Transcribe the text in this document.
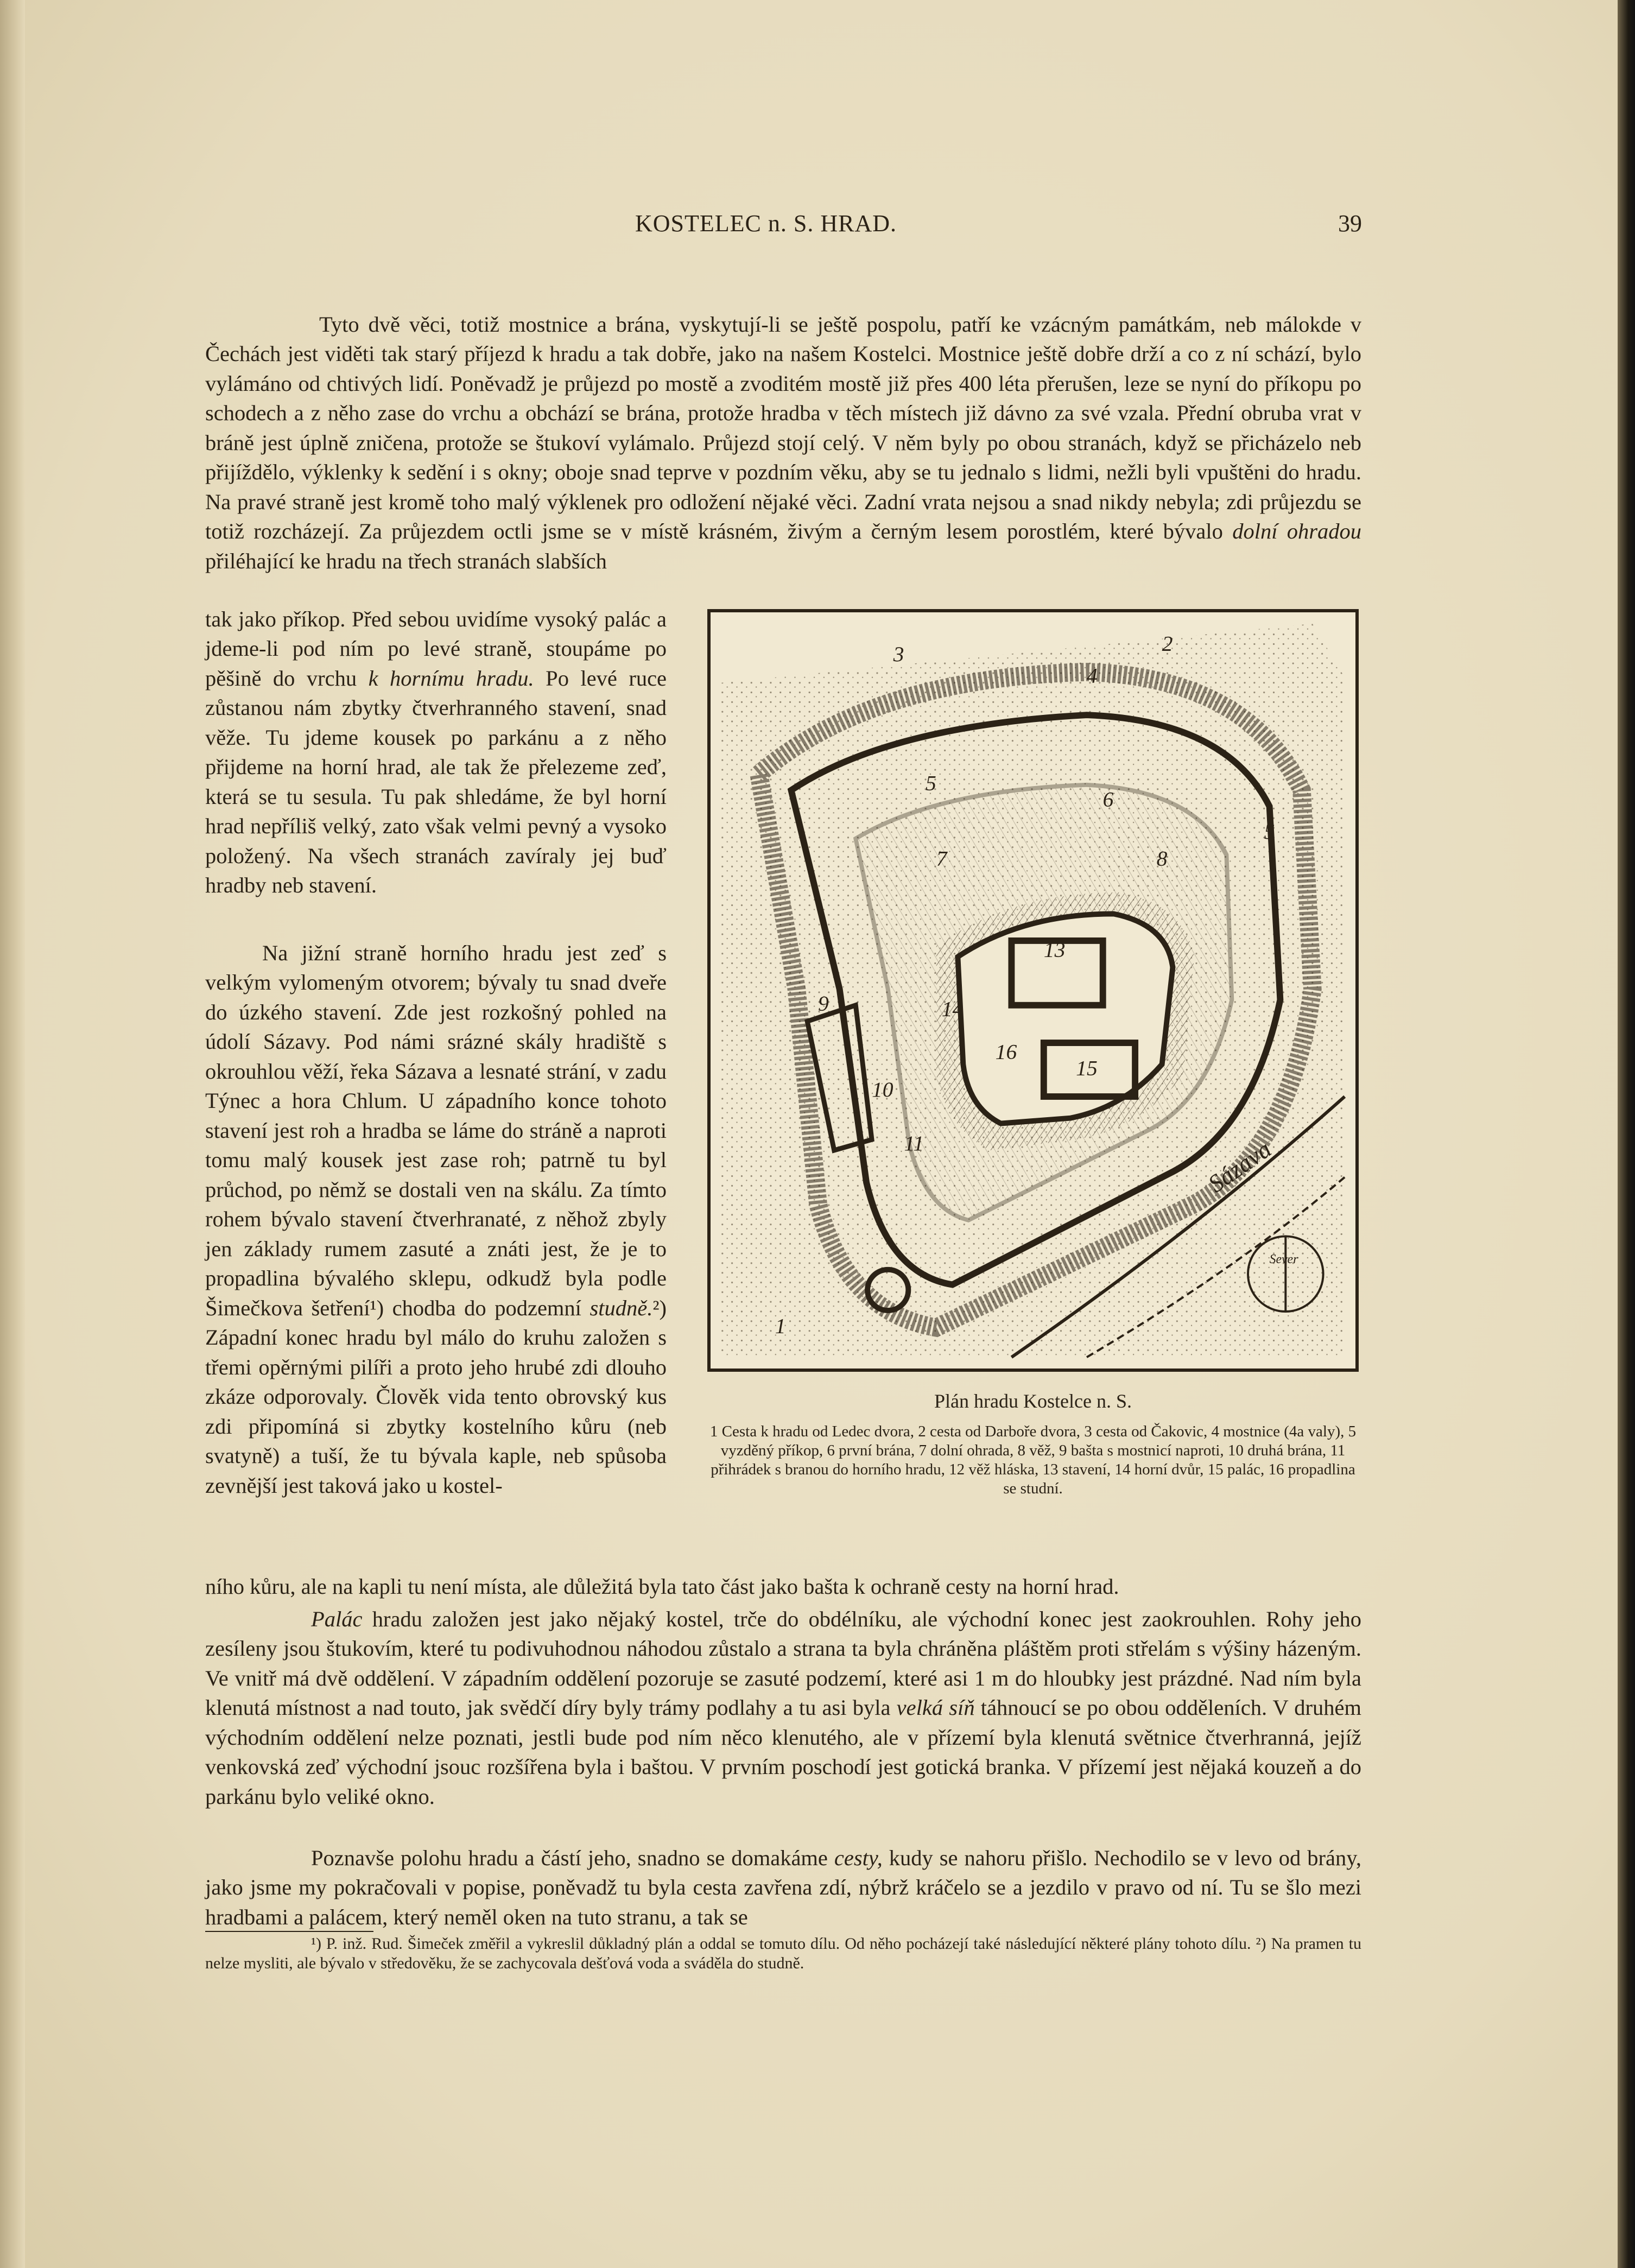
KOSTELEC n. S. HRAD.	39

Tyto dvě věci, totiž mostnice a brána, vyskytují-li se ještě pospolu, patří ke vzácným památkám, neb málokde v Čechách jest viděti tak starý příjezd k hradu a tak dobře, jako na našem Kostelci. Mostnice ještě dobře drží a co z ní schází, bylo vylámáno od chtivých lidí. Poněvadž je průjezd po mostě a zvoditém mostě již přes 400 léta přerušen, leze se nyní do příkopu po schodech a z něho zase do vrchu a obchází se brána, protože hradba v těch místech již dávno za své vzala. Přední obruba vrat v bráně jest úplně zničena, protože se štukoví vylámalo. Průjezd stojí celý. V něm byly po obou stranách, když se přicházelo neb přijíždělo, výklenky k sedění i s okny; oboje snad teprve v pozdním věku, aby se tu jednalo s lidmi, nežli byli vpuštěni do hradu. Na pravé straně jest kromě toho malý výklenek pro odložení nějaké věci. Zadní vrata nejsou a snad nikdy nebyla; zdi průjezdu se totiž rozcházejí. Za průjezdem octli jsme se v místě krásném, živým a černým lesem porostlém, které bývalo dolní ohradou přiléhající ke hradu na třech stranách slabších

tak jako příkop. Před sebou uvidíme vysoký palác a jdeme-li pod ním po levé straně, stoupáme po pěšině do vrchu k hornímu hradu. Po levé ruce zůstanou nám zbytky čtverhranného stavení, snad věže. Tu jdeme kousek po parkánu a z něho přijdeme na horní hrad, ale tak že přelezeme zeď, která se tu sesula. Tu pak shledáme, že byl horní hrad nepříliš velký, zato však velmi pevný a vysoko položený. Na všech stranách zavíraly jej buď hradby neb stavení.

Na jižní straně horního hradu jest zeď s velkým vylomeným otvorem; bývaly tu snad dveře do úzkého stavení. Zde jest rozkošný pohled na údolí Sázavy. Pod námi srázné skály hradiště s okrouhlou věží, řeka Sázava a lesnaté strání, v zadu Týnec a hora Chlum. U západního konce tohoto stavení jest roh a hradba se láme do stráně a naproti tomu malý kousek jest zase roh; patrně tu byl průchod, po němž se dostali ven na skálu. Za tímto rohem bývalo stavení čtverhranaté, z něhož zbyly jen základy rumem zasuté a znáti jest, že je to propadlina bývalého sklepu, odkudž byla podle Šimečkova šetření¹) chodba do podzemní studně.²) Západní konec hradu byl málo do kruhu založen s třemi opěrnými pilíři a proto jeho hrubé zdi dlouho zkáze odporovaly. Člověk vida tento obrovský kus zdi připomíná si zbytky kostelního kůru (neb svatyně) a tuší, že tu bývala kaple, neb spůsoba zevnější jest taková jako u kostel-

ního kůru, ale na kapli tu není místa, ale důležitá byla tato část jako bašta k ochraně cesty na horní hrad.

Palác hradu založen jest jako nějaký kostel, trče do obdélníku, ale východní konec jest zaokrouhlen. Rohy jeho zesíleny jsou štukovím, které tu podivuhodnou náhodou zůstalo a strana ta byla chráněna pláštěm proti střelám s výšiny házeným. Ve vnitř má dvě oddělení. V západním oddělení pozoruje se zasuté podzemí, které asi 1 m do hloubky jest prázdné. Nad ním byla klenutá místnost a nad touto, jak svědčí díry byly trámy podlahy a tu asi byla velká síň táhnoucí se po obou odděleních. V druhém východním oddělení nelze poznati, jestli bude pod ním něco klenutého, ale v přízemí byla klenutá světnice čtverhranná, jejíž venkovská zeď východní jsouc rozšířena byla i baštou. V prvním poschodí jest gotická branka. V přízemí jest nějaká kouzeň a do parkánu bylo veliké okno.

Poznavše polohu hradu a částí jeho, snadno se domakáme cesty, kudy se nahoru přišlo. Nechodilo se v levo od brány, jako jsme my pokračovali v popise, poněvadž tu byla cesta zavřena zdí, nýbrž kráčelo se a jezdilo v pravo od ní. Tu se šlo mezi hradbami a palácem, který neměl oken na tuto stranu, a tak se

Sázava
Sever
1
2
3
4
5
5
6
7	8
9
10
11
13
14
15
16
Plán hradu Kostelce n. S.
1 Cesta k hradu od Ledec dvora, 2 cesta od Darboře dvora, 3 cesta od Čakovic, 4 mostnice (4a valy), 5 vyzděný příkop, 6 první brána, 7 dolní ohrada, 8 věž, 9 bašta s mostnicí naproti, 10 druhá brána, 11 přihrádek s branou do horního hradu, 12 věž hláska, 13 stavení, 14 horní dvůr, 15 palác, 16 propadlina se studní.
¹) P. inž. Rud. Šimeček změřil a vykreslil důkladný plán a oddal se tomuto dílu. Od něho pocházejí také následující některé plány tohoto dílu. ²) Na pramen tu nelze mysliti, ale bývalo v středověku, že se zachycovala dešťová voda a sváděla do studně.
